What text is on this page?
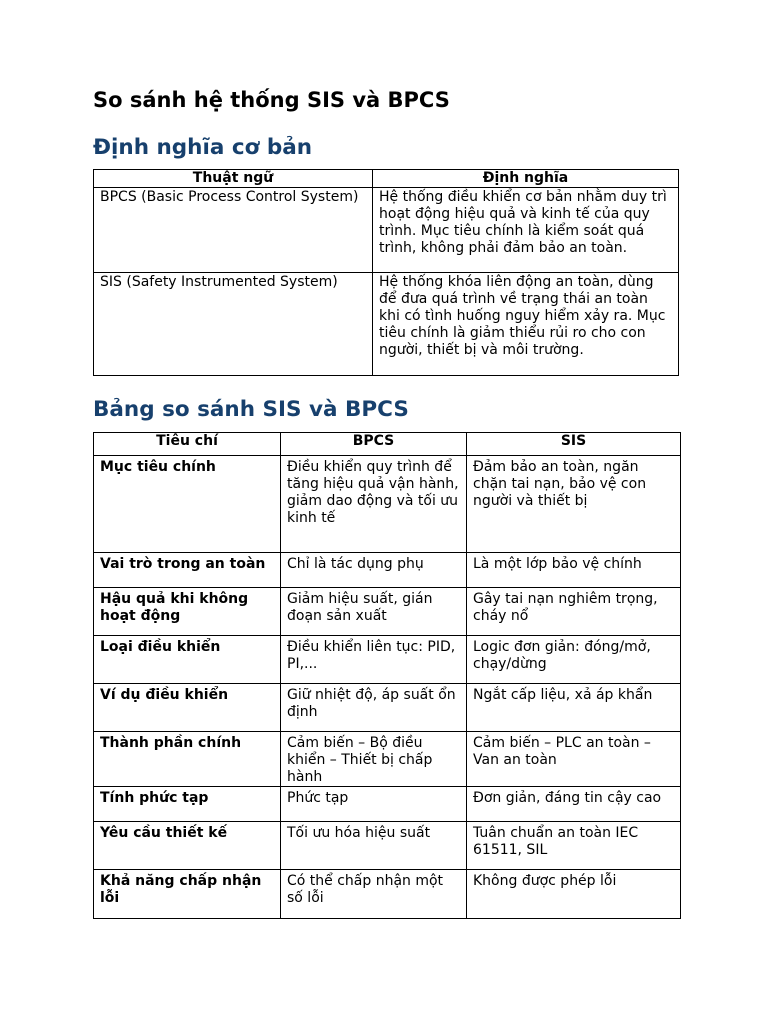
So sánh hệ thống SIS và BPCS
Định nghĩa cơ bản
Thuật ngữ	Định nghĩa
BPCS (Basic Process Control System)	Hệ thống điều khiển cơ bản nhằm duy trì hoạt động hiệu quả và kinh tế của quy trình. Mục tiêu chính là kiểm soát quá trình, không phải đảm bảo an toàn.
SIS (Safety Instrumented System)	Hệ thống khóa liên động an toàn, dùng để đưa quá trình về trạng thái an toàn khi có tình huống nguy hiểm xảy ra. Mục tiêu chính là giảm thiểu rủi ro cho con người, thiết bị và môi trường.
Bảng so sánh SIS và BPCS
Tiêu chí	BPCS	SIS
Mục tiêu chính	Điều khiển quy trình để tăng hiệu quả vận hành, giảm dao động và tối ưu kinh tế	Đảm bảo an toàn, ngăn chặn tai nạn, bảo vệ con người và thiết bị
Vai trò trong an toàn	Chỉ là tác dụng phụ	Là một lớp bảo vệ chính
Hậu quả khi không hoạt động	Giảm hiệu suất, gián đoạn sản xuất	Gây tai nạn nghiêm trọng, cháy nổ
Loại điều khiển	Điều khiển liên tục: PID, PI,...	Logic đơn giản: đóng/mở, chạy/dừng
Ví dụ điều khiển	Giữ nhiệt độ, áp suất ổn định	Ngắt cấp liệu, xả áp khẩn
Thành phần chính	Cảm biến – Bộ điều khiển – Thiết bị chấp hành	Cảm biến – PLC an toàn – Van an toàn
Tính phức tạp	Phức tạp	Đơn giản, đáng tin cậy cao
Yêu cầu thiết kế	Tối ưu hóa hiệu suất	Tuân chuẩn an toàn IEC 61511, SIL
Khả năng chấp nhận lỗi	Có thể chấp nhận một số lỗi	Không được phép lỗi
